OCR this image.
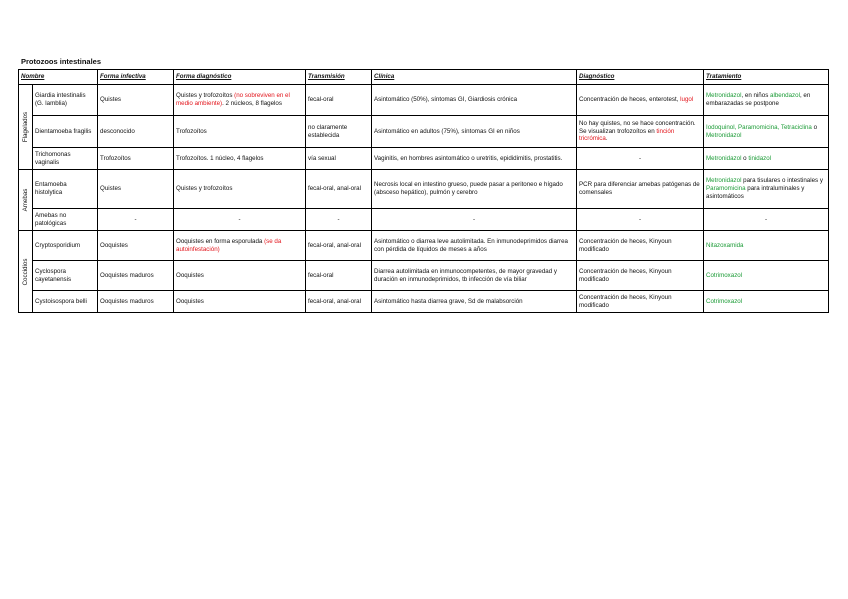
Protozoos intestinales
Nombre		Forma infectiva	Forma diagnóstico	Transmisión	Clínica	Diagnóstico	Tratamiento

Flagelados	Giardia intestinalis (G. lamblia)	Quistes	Quistes y trofozoítos (no sobreviven en el medio ambiente). 2 núcleos, 8 flagelos	fecal-oral	Asintomático (50%), síntomas GI, Giardiosis crónica	Concentración de heces, enterotest, lugol	Metronidazol, en niños albendazol, en embarazadas se postpone
	Dientamoeba fragilis	desconocido	Trofozoítos	no claramente establecida	Asintomático en adultos (75%), síntomas GI en niños	No hay quistes, no se hace concentración. Se visualizan trofozoítos en tinción tricrómica.	Iodoquinol, Paramomicina, Tetraciclina o Metronidazol
	Trichomonas vaginalis	Trofozoítos	Trofozoítos. 1 núcleo, 4 flagelos	vía sexual	Vaginitis, en hombres asintomático o uretritis, epididimitis, prostatitis.	-	Metronidazol o tinidazol

Amebas	Entamoeba histolytica	Quistes	Quistes y trofozoítos	fecal-oral, anal-oral	Necrosis local en intestino grueso, puede pasar a peritoneo e hígado (absceso hepático), pulmón y cerebro	PCR para diferenciar amebas patógenas de comensales	Metronidazol para tisulares o intestinales y Paramomicina para intraluminales y asintomáticos
	Amebas no patológicas	-	-	-	-	-	-

Coccidios	Cryptosporidium	Ooquistes	Ooquistes en forma esporulada (se da autoinfestación)	fecal-oral, anal-oral	Asintomático o diarrea leve autolimitada. En inmunodeprimidos diarrea con pérdida de líquidos de meses a años	Concentración de heces, Kinyoun modificado	Nitazoxamida
	Cyclospora cayetanensis	Ooquistes maduros	Ooquistes	fecal-oral	Diarrea autolimitada en inmunocompetentes, de mayor gravedad y duración en inmunodeprimidos, tb infección de vía biliar	Concentración de heces, Kinyoun modificado	Cotrimoxazol
	Cystoisospora belli	Ooquistes maduros	Ooquistes	fecal-oral, anal-oral	Asintomático hasta diarrea grave, Sd de malabsorción	Concentración de heces, Kinyoun modificado	Cotrimoxazol
